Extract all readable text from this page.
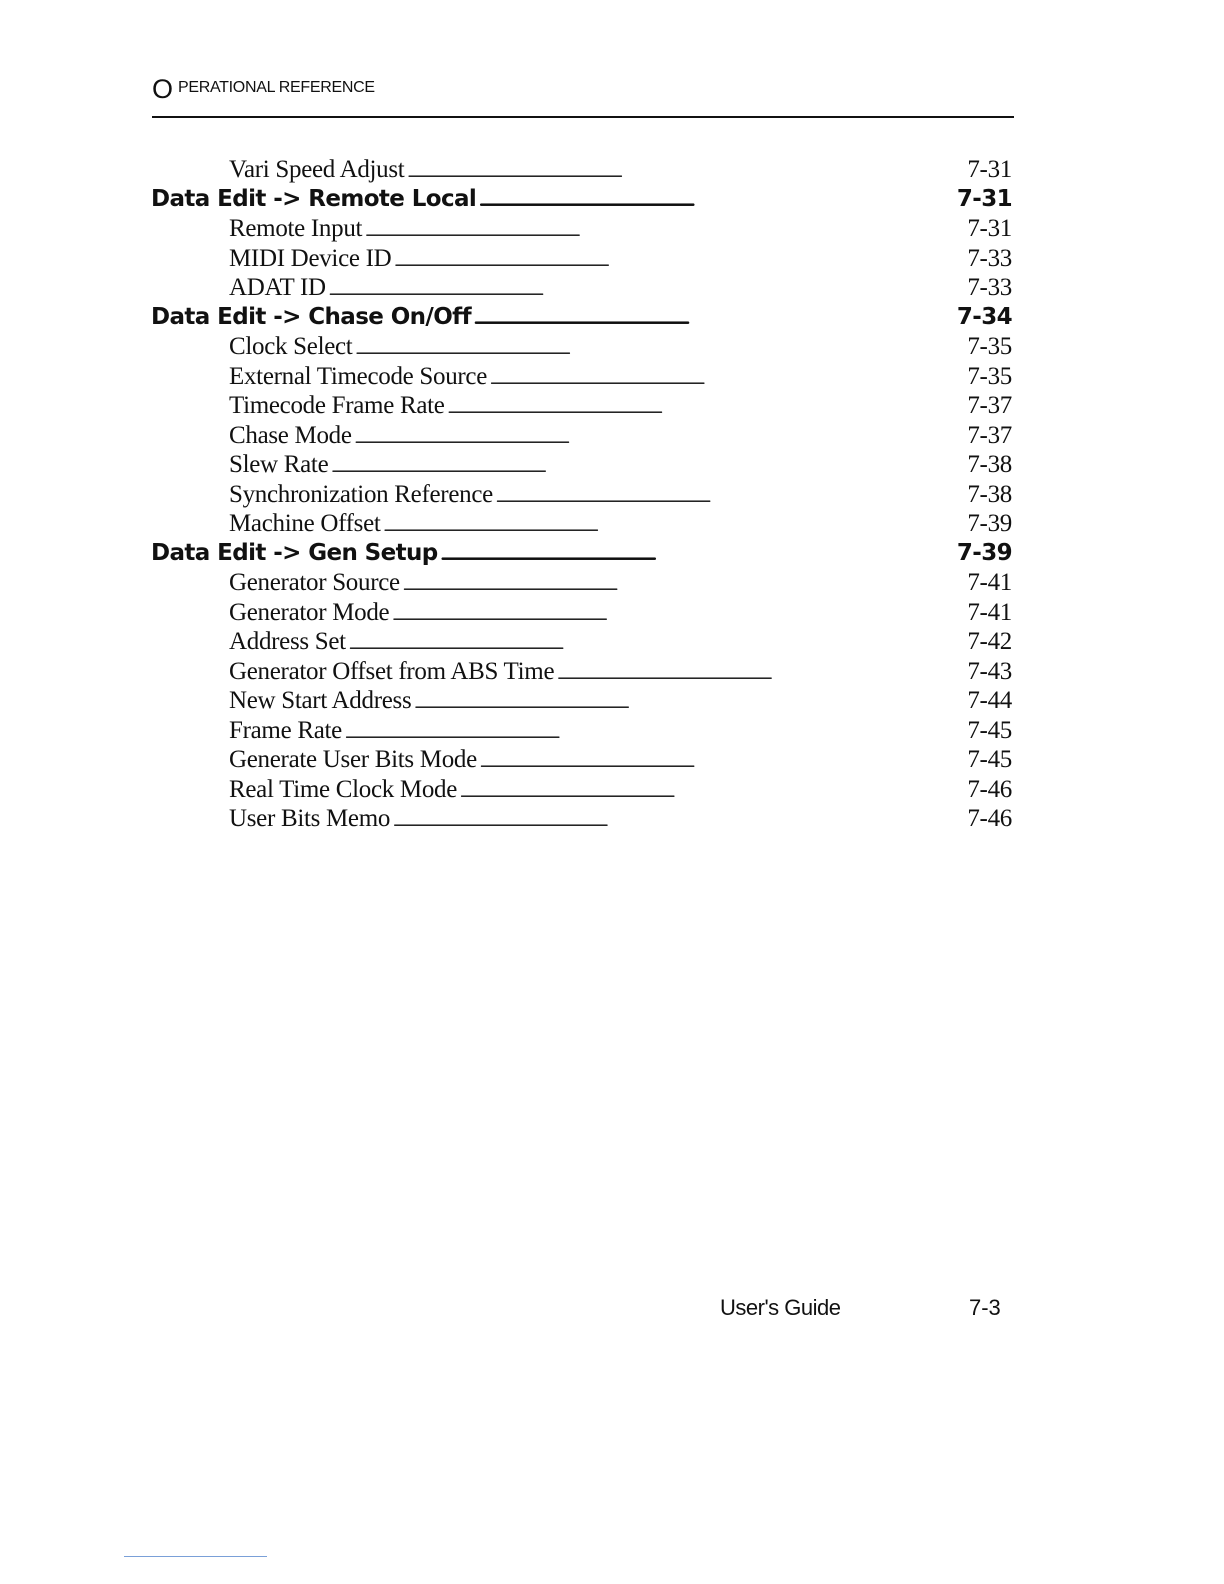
O PERATIONAL REFERENCE
Vari Speed Adjust . . .	7-31
Data Edit -> Remote Local . . .	7-31
Remote Input . . .	7-31
MIDI Device ID . . .	7-33
ADAT ID . . .	7-33
Data Edit -> Chase On/Off . . .	7-34
Clock Select . . .	7-35
External Timecode Source . . .	7-35
Timecode Frame Rate . . .	7-37
Chase Mode . . .	7-37
Slew Rate . . .	7-38
Synchronization Reference . . .	7-38
Machine Offset . . .	7-39
Data Edit -> Gen Setup . . .	7-39
Generator Source . . .	7-41
Generator Mode . . .	7-41
Address Set . . .	7-42
Generator Offset from ABS Time . . .	7-43
New Start Address . . .	7-44
Frame Rate . . .	7-45
Generate User Bits Mode . . .	7-45
Real Time Clock Mode . . .	7-46
User Bits Memo . . .	7-46
User's Guide	7-3
